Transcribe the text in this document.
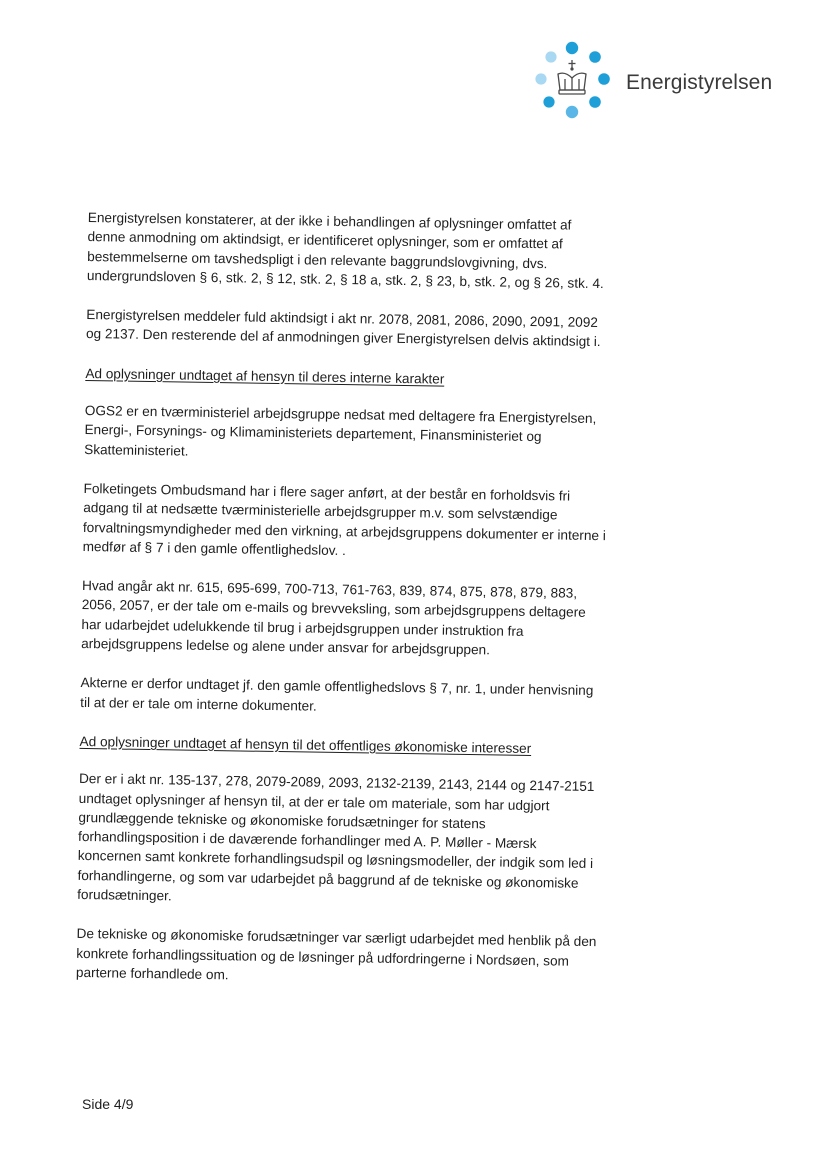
Energistyrelsen

Energistyrelsen konstaterer, at der ikke i behandlingen af oplysninger omfattet af denne anmodning om aktindsigt, er identificeret oplysninger, som er omfattet af bestemmelserne om tavshedspligt i den relevante baggrundslovgivning, dvs. undergrundsloven § 6, stk. 2, § 12, stk. 2, § 18 a, stk. 2, § 23, b, stk. 2, og § 26, stk. 4.

Energistyrelsen meddeler fuld aktindsigt i akt nr. 2078, 2081, 2086, 2090, 2091, 2092 og 2137. Den resterende del af anmodningen giver Energistyrelsen delvis aktindsigt i.

Ad oplysninger undtaget af hensyn til deres interne karakter

OGS2 er en tværministeriel arbejdsgruppe nedsat med deltagere fra Energistyrelsen, Energi-, Forsynings- og Klimaministeriets departement, Finansministeriet og Skatteministeriet.

Folketingets Ombudsmand har i flere sager anført, at der består en forholdsvis fri adgang til at nedsætte tværministerielle arbejdsgrupper m.v. som selvstændige forvaltningsmyndigheder med den virkning, at arbejdsgruppens dokumenter er interne i medfør af § 7 i den gamle offentlighedslov. .

Hvad angår akt nr. 615, 695-699, 700-713, 761-763, 839, 874, 875, 878, 879, 883, 2056, 2057, er der tale om e-mails og brevveksling, som arbejdsgruppens deltagere har udarbejdet udelukkende til brug i arbejdsgruppen under instruktion fra arbejdsgruppens ledelse og alene under ansvar for arbejdsgruppen.

Akterne er derfor undtaget jf. den gamle offentlighedslovs § 7, nr. 1, under henvisning til at der er tale om interne dokumenter.

Ad oplysninger undtaget af hensyn til det offentliges økonomiske interesser

Der er i akt nr. 135-137, 278, 2079-2089, 2093, 2132-2139, 2143, 2144 og 2147-2151 undtaget oplysninger af hensyn til, at der er tale om materiale, som har udgjort grundlæggende tekniske og økonomiske forudsætninger for statens forhandlingsposition i de daværende forhandlinger med A. P. Møller - Mærsk koncernen samt konkrete forhandlingsudspil og løsningsmodeller, der indgik som led i forhandlingerne, og som var udarbejdet på baggrund af de tekniske og økonomiske forudsætninger.

De tekniske og økonomiske forudsætninger var særligt udarbejdet med henblik på den konkrete forhandlingssituation og de løsninger på udfordringerne i Nordsøen, som parterne forhandlede om.

Side 4/9
